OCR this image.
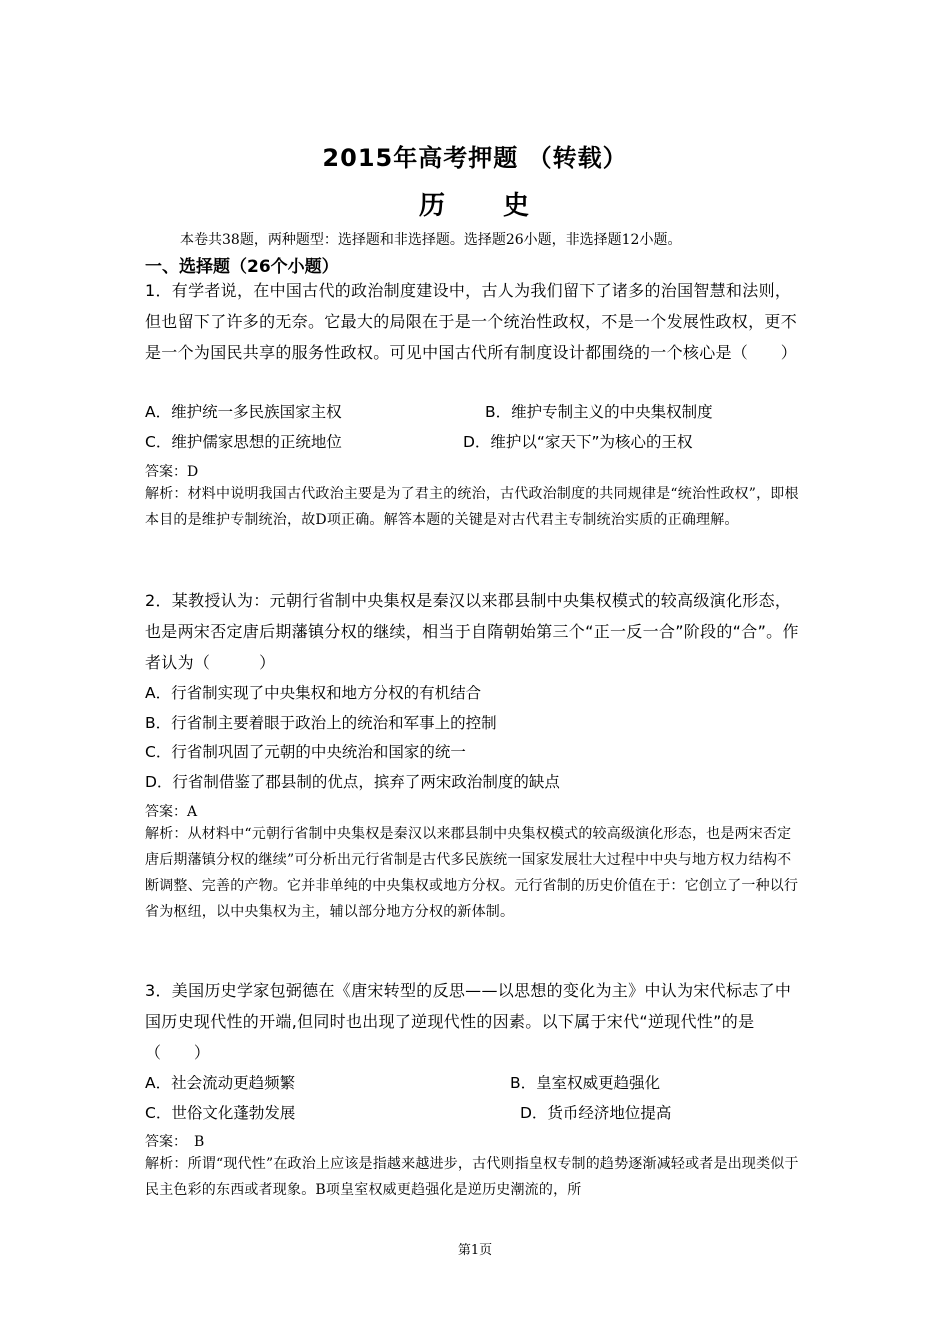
2015年高考押题 （转载）
历　　史
本卷共38题，两种题型：选择题和非选择题。选择题26小题，非选择题12小题。
一、选择题（26个小题）
1．有学者说，在中国古代的政治制度建设中，古人为我们留下了诸多的治国智慧和法则，但也留下了许多的无奈。它最大的局限在于是一个统治性政权，不是一个发展性政权，更不是一个为国民共享的服务性政权。可见中国古代所有制度设计都围绕的一个核心是（　　）
A．维护统一多民族国家主权	B．维护专制主义的中央集权制度
C．维护儒家思想的正统地位	D．维护以“家天下”为核心的王权
答案：D
解析：材料中说明我国古代政治主要是为了君主的统治，古代政治制度的共同规律是“统治性政权”，即根本目的是维护专制统治，故D项正确。解答本题的关键是对古代君主专制统治实质的正确理解。
2．某教授认为：元朝行省制中央集权是秦汉以来郡县制中央集权模式的较高级演化形态，也是两宋否定唐后期藩镇分权的继续，相当于自隋朝始第三个“正一反一合”阶段的“合”。作者认为（　　　）
A．行省制实现了中央集权和地方分权的有机结合
B．行省制主要着眼于政治上的统治和军事上的控制
C．行省制巩固了元朝的中央统治和国家的统一
D．行省制借鉴了郡县制的优点，摈弃了两宋政治制度的缺点
答案：A
解析：从材料中“元朝行省制中央集权是秦汉以来郡县制中央集权模式的较高级演化形态，也是两宋否定唐后期藩镇分权的继续”可分析出元行省制是古代多民族统一国家发展壮大过程中中央与地方权力结构不断调整、完善的产物。它并非单纯的中央集权或地方分权。元行省制的历史价值在于：它创立了一种以行省为枢纽，以中央集权为主，辅以部分地方分权的新体制。
3．美国历史学家包弼德在《唐宋转型的反思——以思想的变化为主》中认为宋代标志了中国历史现代性的开端,但同时也出现了逆现代性的因素。以下属于宋代“逆现代性”的是（　　）
A．社会流动更趋频繁	B．皇室权威更趋强化
C．世俗文化蓬勃发展	D．货币经济地位提高
答案：　B
解析：所谓“现代性”在政治上应该是指越来越进步，古代则指皇权专制的趋势逐渐减轻或者是出现类似于民主色彩的东西或者现象。B项皇室权威更趋强化是逆历史潮流的，所
第1页
